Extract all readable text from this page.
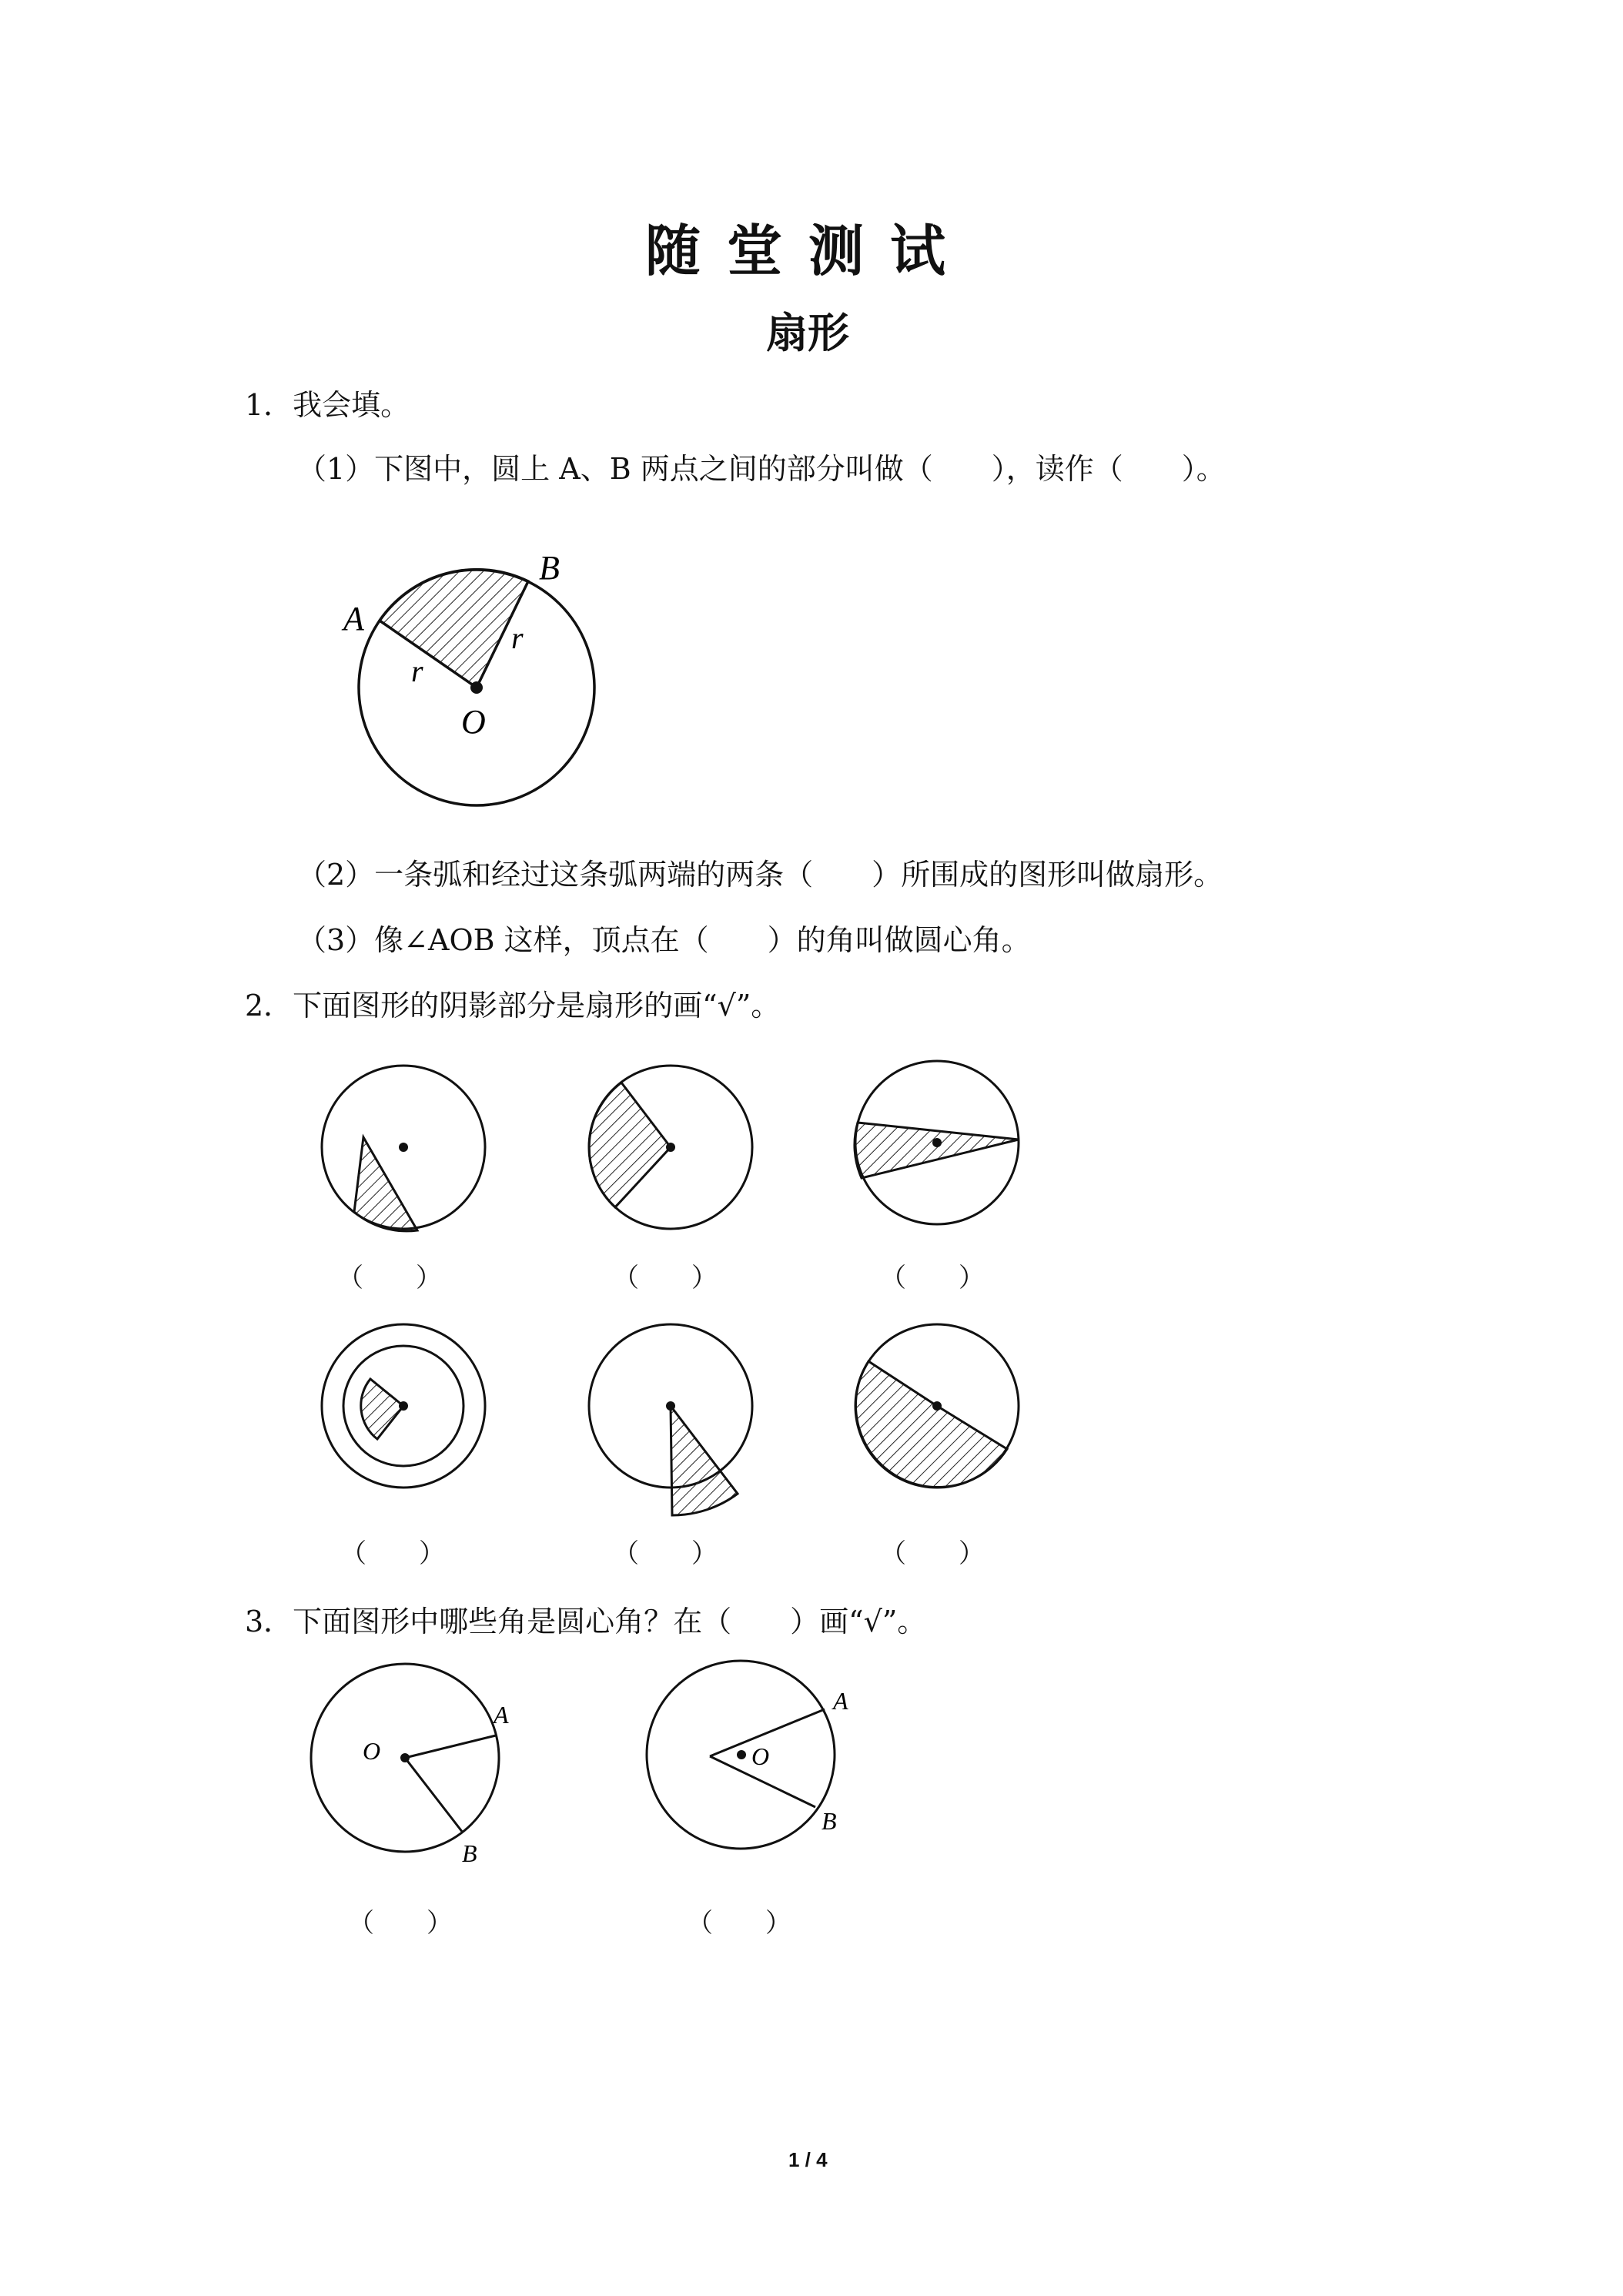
随堂测试
扇形
1．我会填。
（1）下图中，圆上 A、B 两点之间的部分叫做（　　），读作（　　）。
A
B
O
r
r
O
A
B
O
A
B
（2）一条弧和经过这条弧两端的两条（　　）所围成的图形叫做扇形。
（3）像∠AOB 这样，顶点在（　　）的角叫做圆心角。
2．下面图形的阴影部分是扇形的画“√”。
（　　）	（　　）	（　　）
（　　）	（　　）	（　　）
3．下面图形中哪些角是圆心角？在（　　）画“√”。
（　　）	（　　）
1 / 4
